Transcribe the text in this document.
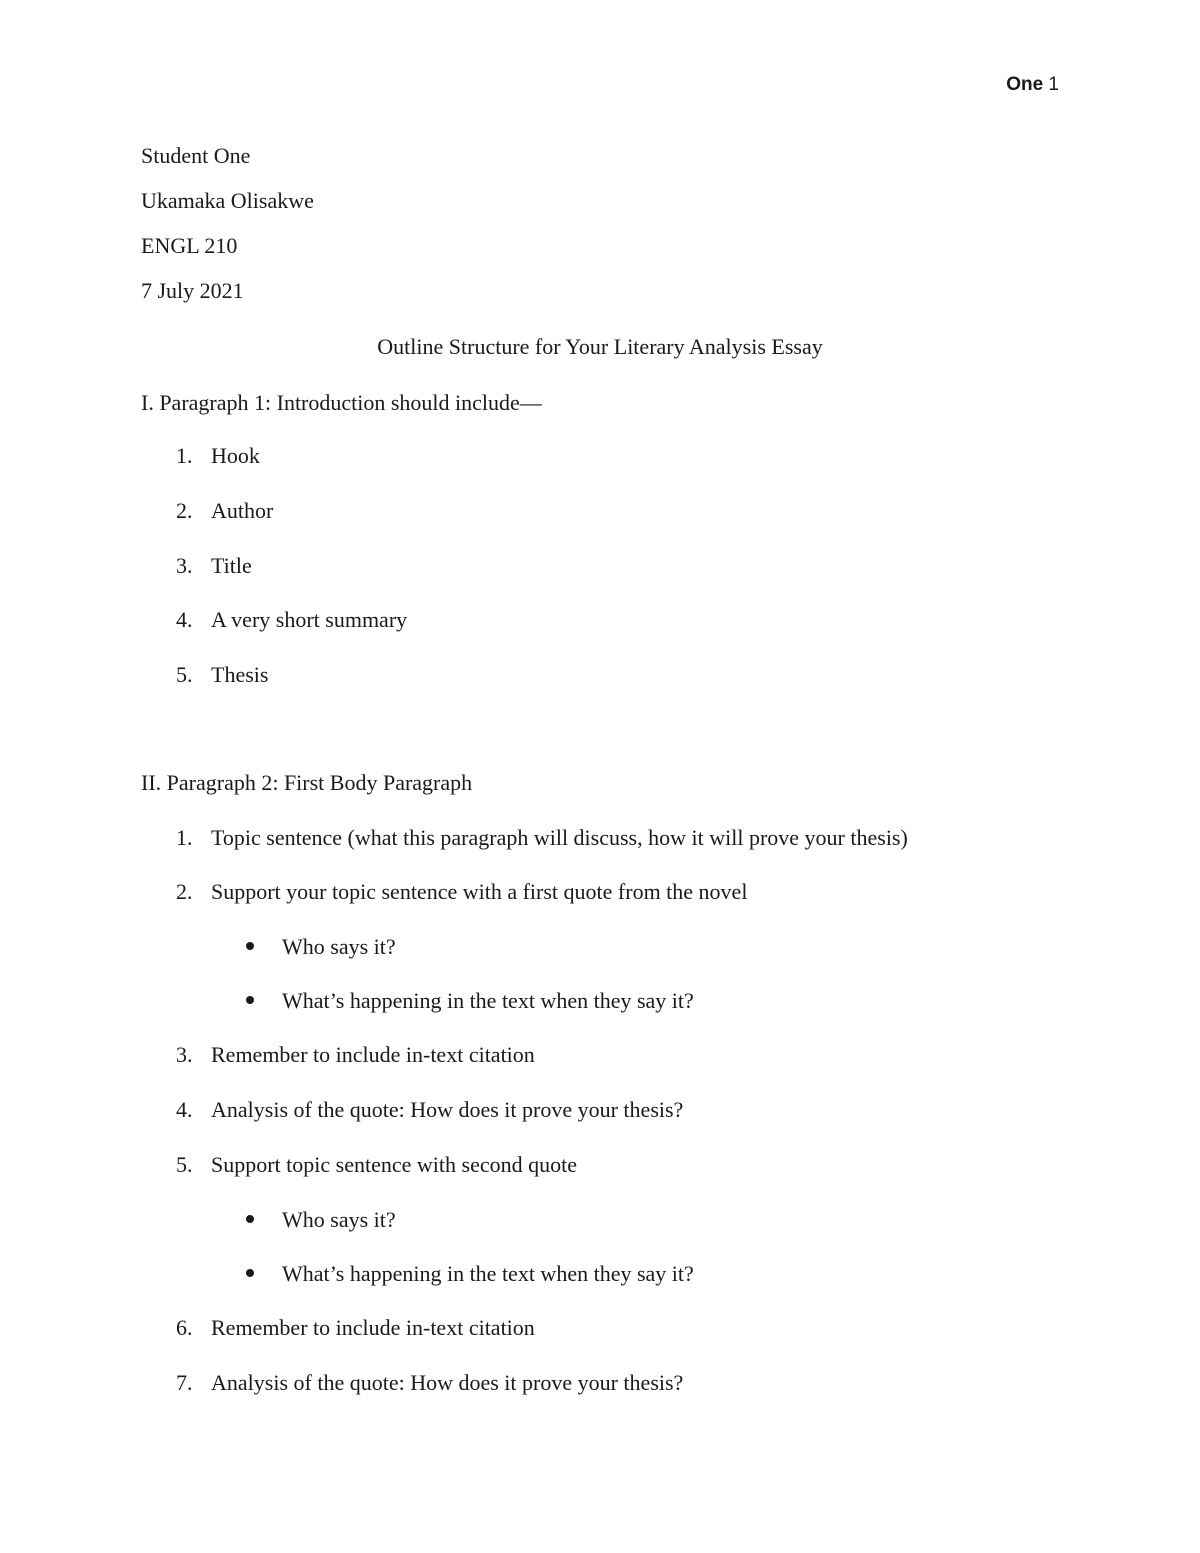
One 1
Student One
Ukamaka Olisakwe
ENGL 210
7 July 2021
Outline Structure for Your Literary Analysis Essay
I. Paragraph 1: Introduction should include—
1. Hook
2. Author
3. Title
4. A very short summary
5. Thesis
II. Paragraph 2: First Body Paragraph
1. Topic sentence (what this paragraph will discuss, how it will prove your thesis)
2. Support your topic sentence with a first quote from the novel
Who says it?
What’s happening in the text when they say it?
3. Remember to include in-text citation
4. Analysis of the quote: How does it prove your thesis?
5. Support topic sentence with second quote
Who says it?
What’s happening in the text when they say it?
6. Remember to include in-text citation
7. Analysis of the quote: How does it prove your thesis?
